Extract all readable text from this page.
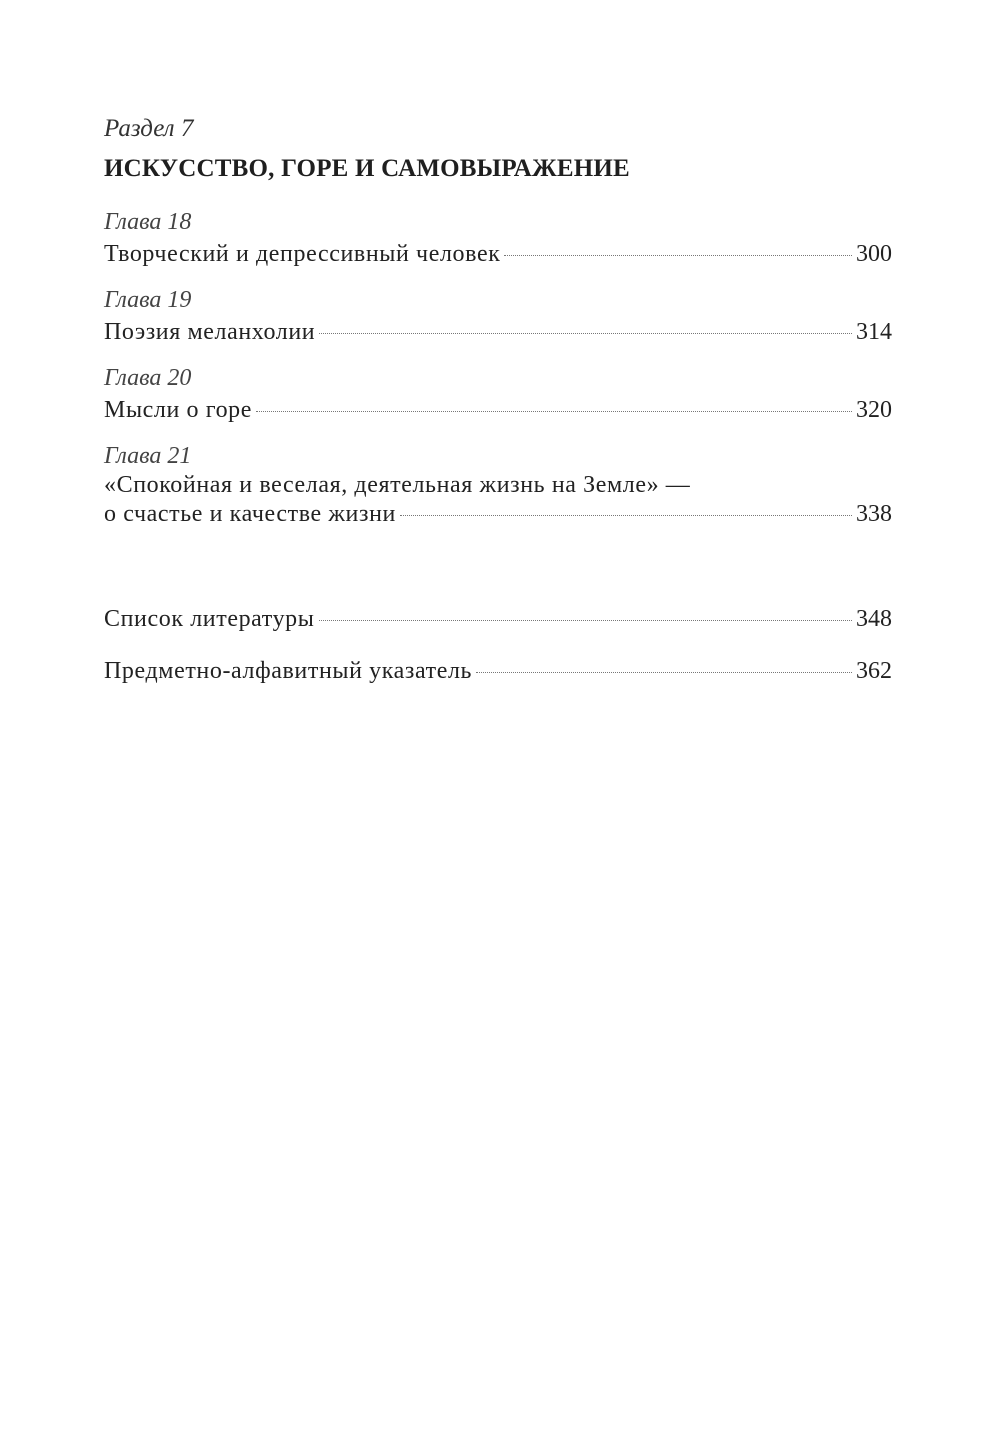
Раздел 7
ИСКУССТВО, ГОРЕ И САМОВЫРАЖЕНИЕ
Глава 18
Творческий и депрессивный человек	300
Глава 19
Поэзия меланхолии	314
Глава 20
Мысли о горе	320
Глава 21
«Спокойная и веселая, деятельная жизнь на Земле» —
о счастье и качестве жизни	338
Список литературы	348
Предметно-алфавитный указатель	362
